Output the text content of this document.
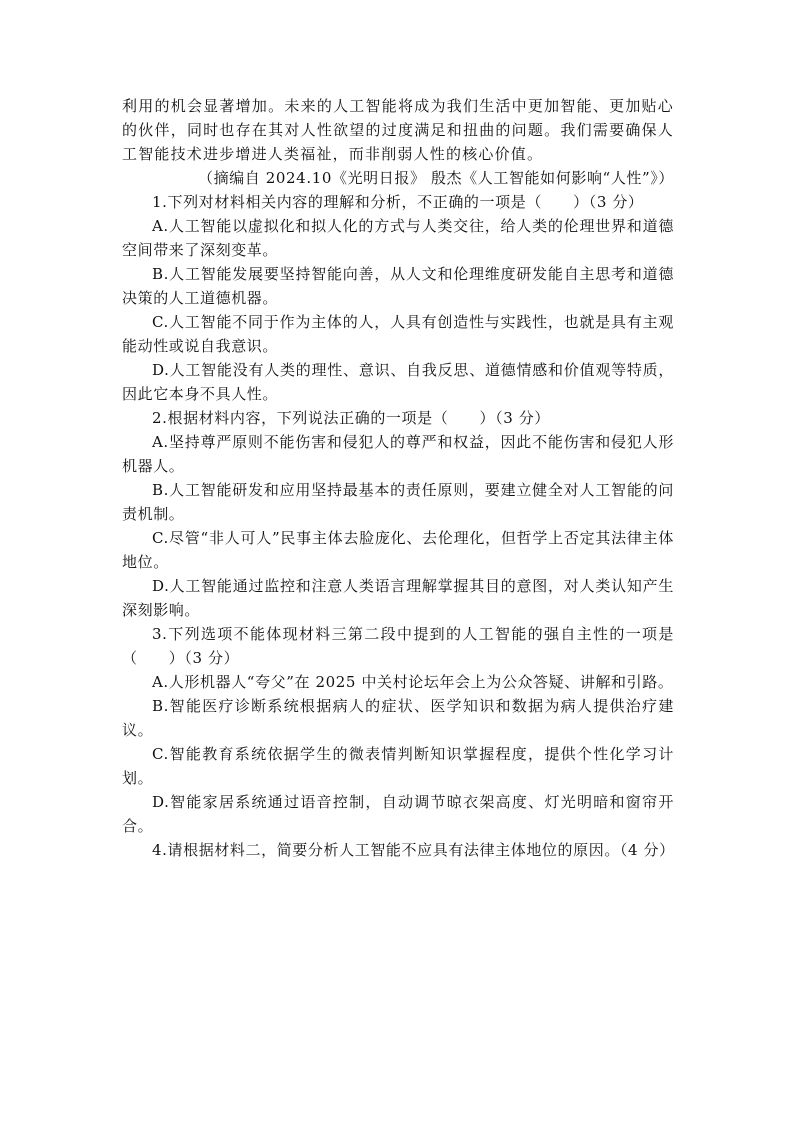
利用的机会显著增加。未来的人工智能将成为我们生活中更加智能、更加贴心的伙伴，同时也存在其对人性欲望的过度满足和扭曲的问题。我们需要确保人工智能技术进步增进人类福祉，而非削弱人性的核心价值。

（摘编自 2024.10《光明日报》 殷杰《人工智能如何影响“人性”》）

1.下列对材料相关内容的理解和分析，不正确的一项是（　　）（3 分）

A.人工智能以虚拟化和拟人化的方式与人类交往，给人类的伦理世界和道德空间带来了深刻变革。

B.人工智能发展要坚持智能向善，从人文和伦理维度研发能自主思考和道德决策的人工道德机器。

C.人工智能不同于作为主体的人，人具有创造性与实践性，也就是具有主观能动性或说自我意识。

D.人工智能没有人类的理性、意识、自我反思、道德情感和价值观等特质，因此它本身不具人性。

2.根据材料内容，下列说法正确的一项是（　　）（3 分）

A.坚持尊严原则不能伤害和侵犯人的尊严和权益，因此不能伤害和侵犯人形机器人。

B.人工智能研发和应用坚持最基本的责任原则，要建立健全对人工智能的问责机制。

C.尽管“非人可人”民事主体去脸庞化、去伦理化，但哲学上否定其法律主体地位。

D.人工智能通过监控和注意人类语言理解掌握其目的意图，对人类认知产生深刻影响。

3.下列选项不能体现材料三第二段中提到的人工智能的强自主性的一项是（　　）（3 分）

A.人形机器人“夸父”在 2025 中关村论坛年会上为公众答疑、讲解和引路。

B.智能医疗诊断系统根据病人的症状、医学知识和数据为病人提供治疗建议。

C.智能教育系统依据学生的微表情判断知识掌握程度，提供个性化学习计划。

D.智能家居系统通过语音控制，自动调节晾衣架高度、灯光明暗和窗帘开合。

4.请根据材料二，简要分析人工智能不应具有法律主体地位的原因。（4 分）
